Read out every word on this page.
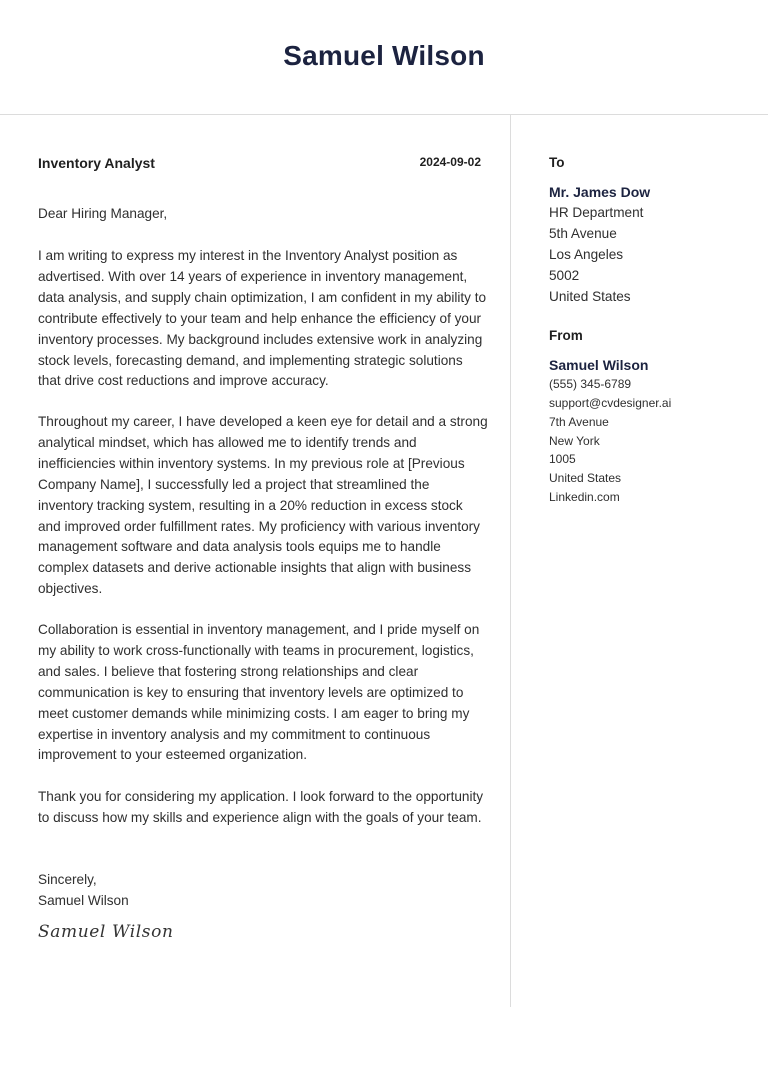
Samuel Wilson
Inventory Analyst	2024-09-02
Dear Hiring Manager,
I am writing to express my interest in the Inventory Analyst position as advertised. With over 14 years of experience in inventory management, data analysis, and supply chain optimization, I am confident in my ability to contribute effectively to your team and help enhance the efficiency of your inventory processes. My background includes extensive work in analyzing stock levels, forecasting demand, and implementing strategic solutions that drive cost reductions and improve accuracy.
Throughout my career, I have developed a keen eye for detail and a strong analytical mindset, which has allowed me to identify trends and inefficiencies within inventory systems. In my previous role at [Previous Company Name], I successfully led a project that streamlined the inventory tracking system, resulting in a 20% reduction in excess stock and improved order fulfillment rates. My proficiency with various inventory management software and data analysis tools equips me to handle complex datasets and derive actionable insights that align with business objectives.
Collaboration is essential in inventory management, and I pride myself on my ability to work cross-functionally with teams in procurement, logistics, and sales. I believe that fostering strong relationships and clear communication is key to ensuring that inventory levels are optimized to meet customer demands while minimizing costs. I am eager to bring my expertise in inventory analysis and my commitment to continuous improvement to your esteemed organization.
Thank you for considering my application. I look forward to the opportunity to discuss how my skills and experience align with the goals of your team.
Sincerely,
Samuel Wilson
Samuel Wilson
To
Mr. James Dow
HR Department
5th Avenue
Los Angeles
5002
United States
From
Samuel Wilson
(555) 345-6789
support@cvdesigner.ai
7th Avenue
New York
1005
United States
Linkedin.com
